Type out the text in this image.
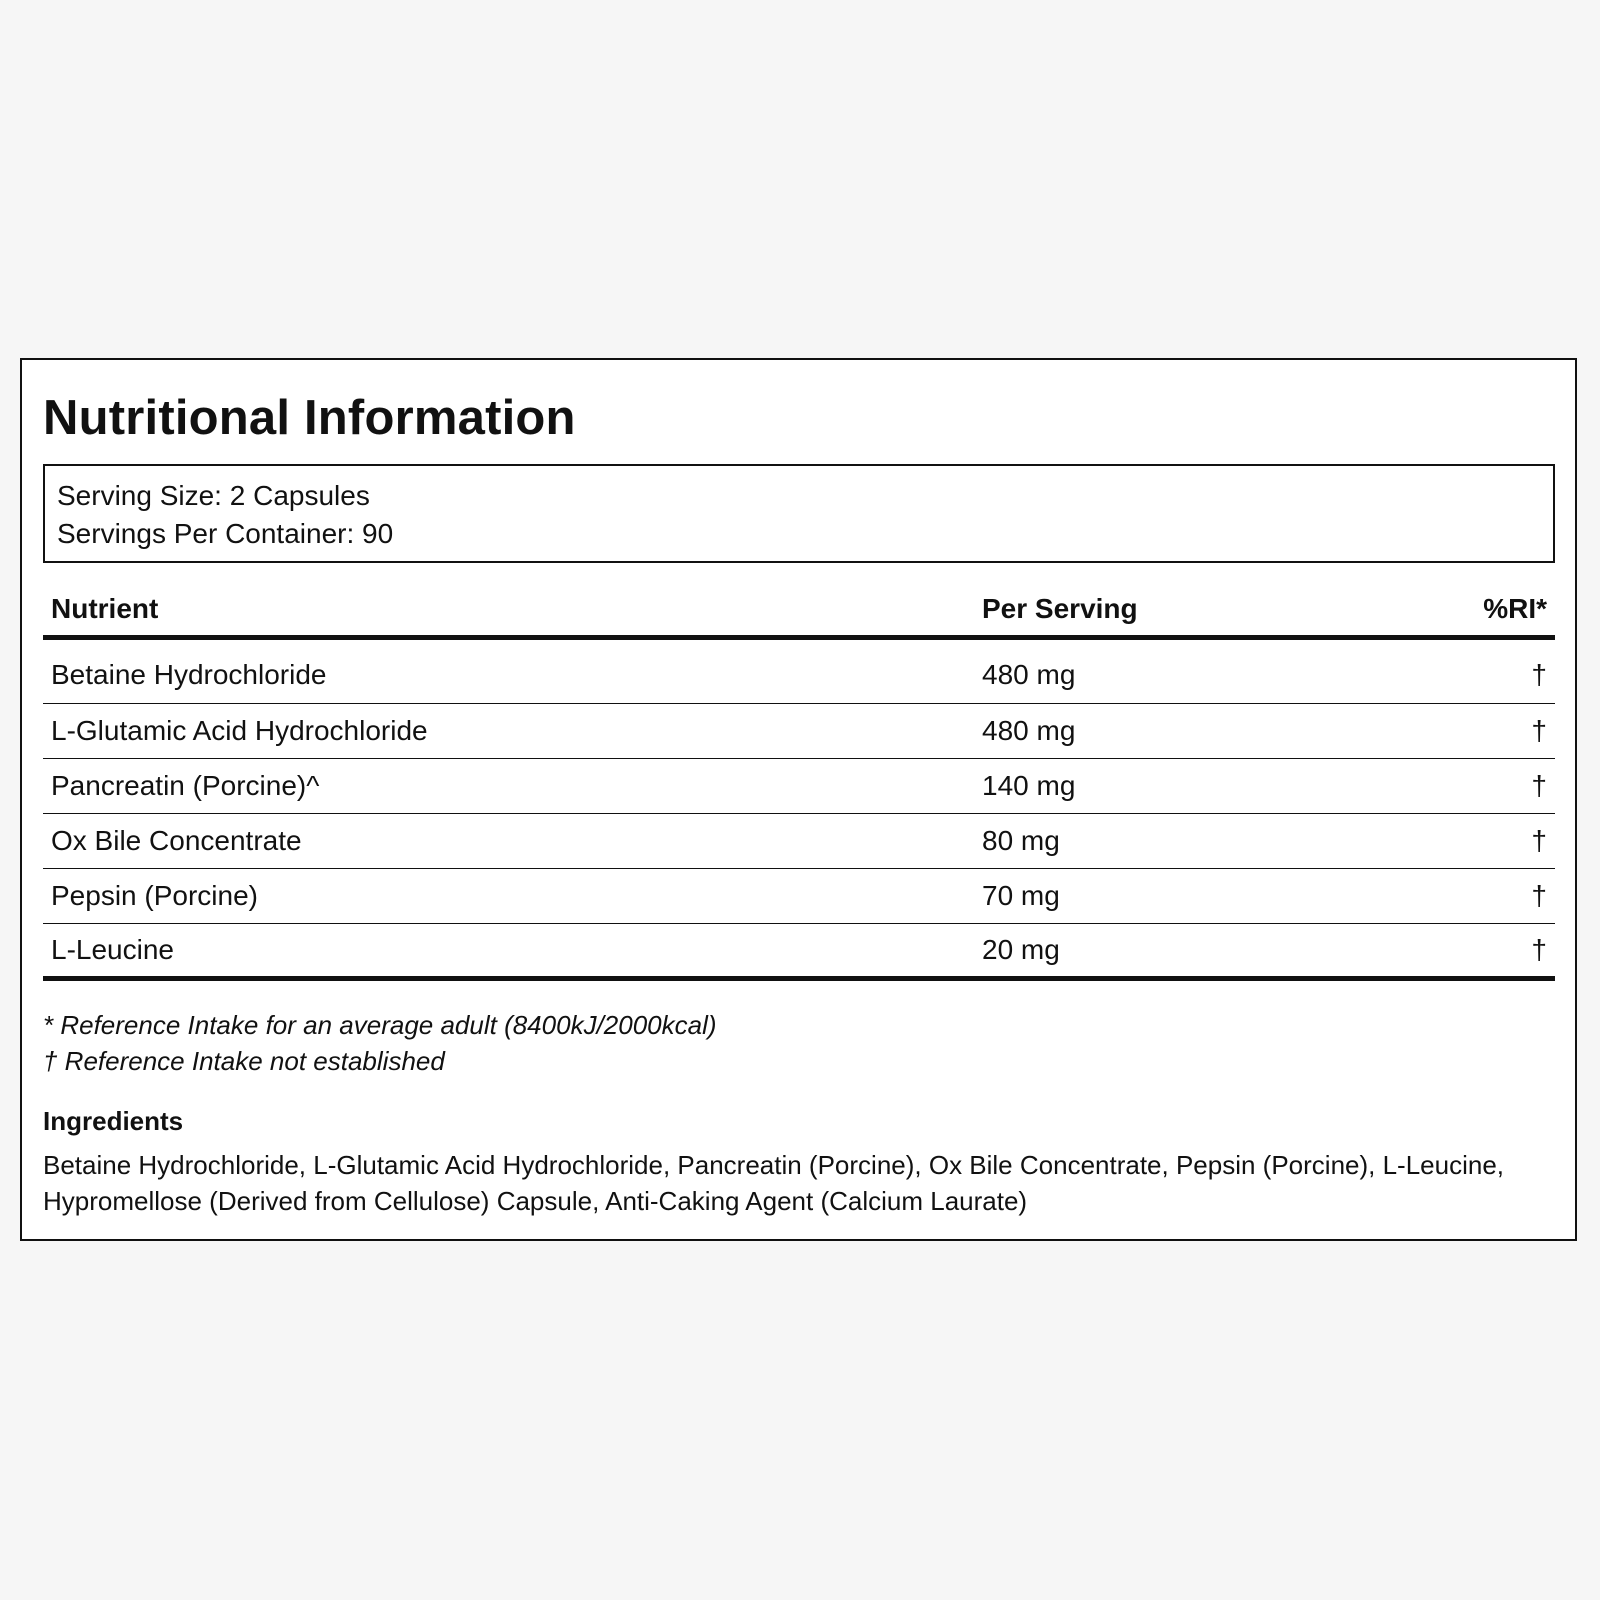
Nutritional Information
Serving Size: 2 Capsules
Servings Per Container: 90
Nutrient	Per Serving	%RI*
Betaine Hydrochloride	480 mg	†
L-Glutamic Acid Hydrochloride	480 mg	†
Pancreatin (Porcine)^	140 mg	†
Ox Bile Concentrate	80 mg	†
Pepsin (Porcine)	70 mg	†
L-Leucine	20 mg	†
* Reference Intake for an average adult (8400kJ/2000kcal)
† Reference Intake not established
Ingredients
Betaine Hydrochloride, L-Glutamic Acid Hydrochloride, Pancreatin (Porcine), Ox Bile Concentrate, Pepsin (Porcine), L-Leucine, Hypromellose (Derived from Cellulose) Capsule, Anti-Caking Agent (Calcium Laurate)
